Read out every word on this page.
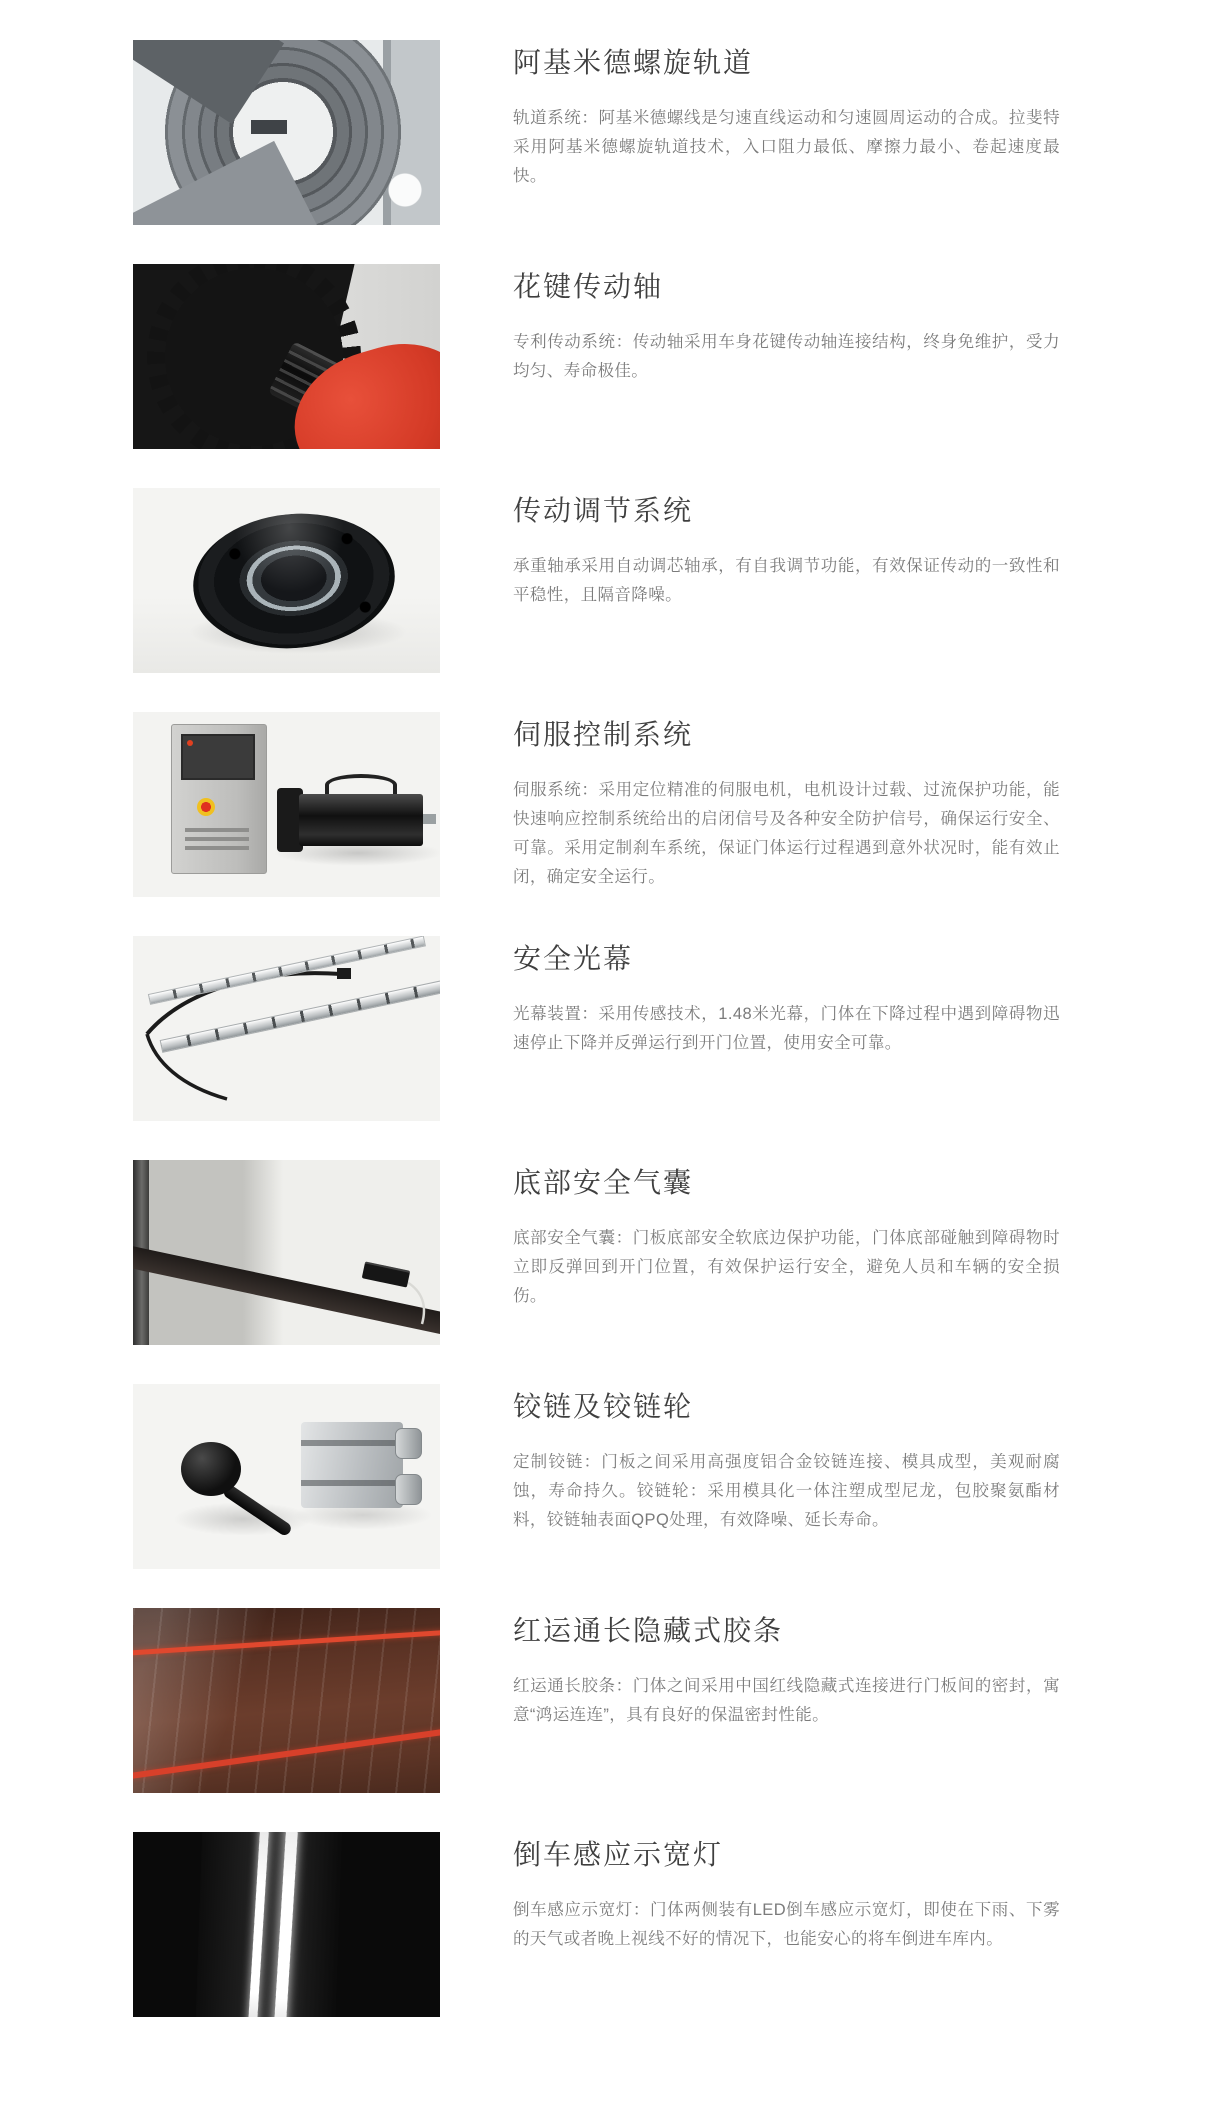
阿基米德螺旋轨道

轨道系统：阿基米德螺线是匀速直线运动和匀速圆周运动的合成。拉斐特采用阿基米德螺旋轨道技术，入口阻力最低、摩擦力最小、卷起速度最快。

花键传动轴

专利传动系统：传动轴采用车身花键传动轴连接结构，终身免维护，受力均匀、寿命极佳。

传动调节系统

承重轴承采用自动调芯轴承，有自我调节功能，有效保证传动的一致性和平稳性，且隔音降噪。

伺服控制系统

伺服系统：采用定位精准的伺服电机，电机设计过载、过流保护功能，能快速响应控制系统给出的启闭信号及各种安全防护信号，确保运行安全、可靠。采用定制刹车系统，保证门体运行过程遇到意外状况时，能有效止闭，确定安全运行。

安全光幕

光幕装置：采用传感技术，1.48米光幕，门体在下降过程中遇到障碍物迅速停止下降并反弹运行到开门位置，使用安全可靠。

底部安全气囊

底部安全气囊：门板底部安全软底边保护功能，门体底部碰触到障碍物时立即反弹回到开门位置，有效保护运行安全，避免人员和车辆的安全损伤。

铰链及铰链轮

定制铰链：门板之间采用高强度铝合金铰链连接、模具成型，美观耐腐蚀，寿命持久。铰链轮：采用模具化一体注塑成型尼龙，包胶聚氨酯材料，铰链轴表面QPQ处理，有效降噪、延长寿命。

红运通长隐藏式胶条

红运通长胶条：门体之间采用中国红线隐藏式连接进行门板间的密封，寓意“鸿运连连”，具有良好的保温密封性能。

倒车感应示宽灯

倒车感应示宽灯：门体两侧装有LED倒车感应示宽灯，即使在下雨、下雾的天气或者晚上视线不好的情况下，也能安心的将车倒进车库内。
